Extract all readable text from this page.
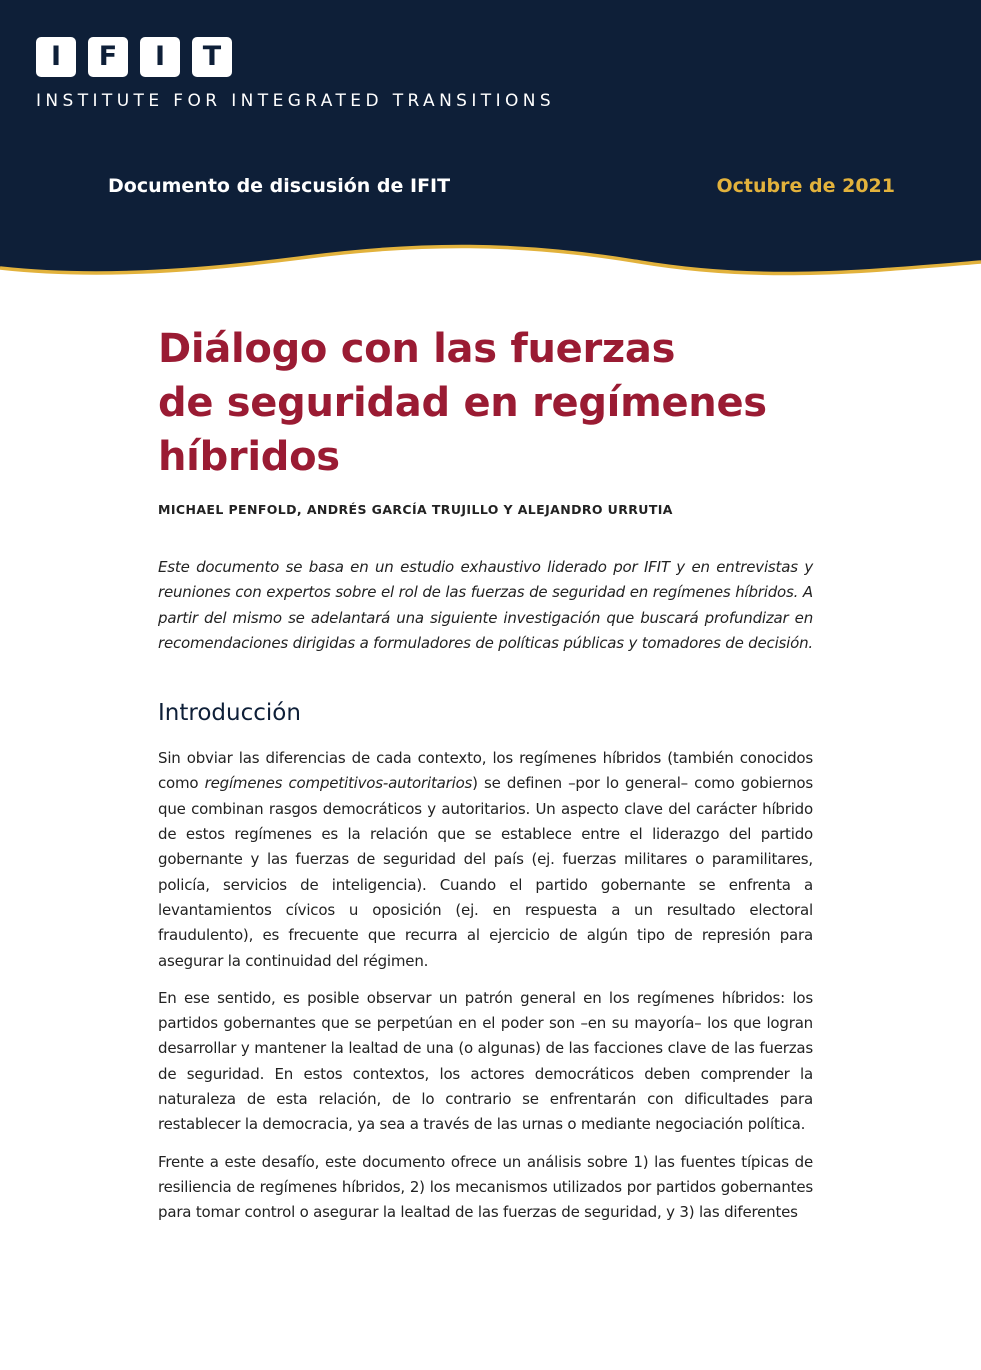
I	F	I	T
INSTITUTE FOR INTEGRATED TRANSITIONS
Documento de discusión de IFIT	Octubre de 2021
Diálogo con las fuerzas
de seguridad en regímenes
híbridos
MICHAEL PENFOLD, ANDRÉS GARCÍA TRUJILLO Y ALEJANDRO URRUTIA

Este documento se basa en un estudio exhaustivo liderado por IFIT y en entrevistas y reuniones con expertos sobre el rol de las fuerzas de seguridad en regímenes híbridos. A partir del mismo se adelantará una siguiente investigación que buscará profundizar en recomendaciones dirigidas a formuladores de políticas públicas y tomadores de decisión.

Introducción

Sin obviar las diferencias de cada contexto, los regímenes híbridos (también conocidos como regímenes competitivos-autoritarios) se definen –por lo general– como gobiernos que combinan rasgos democráticos y autoritarios. Un aspecto clave del carácter híbrido de estos regímenes es la relación que se establece entre el liderazgo del partido gobernante y las fuerzas de seguridad del país (ej. fuerzas militares o paramilitares, policía, servicios de inteligencia). Cuando el partido gobernante se enfrenta a levantamientos cívicos u oposición (ej. en respuesta a un resultado electoral fraudulento), es frecuente que recurra al ejercicio de algún tipo de represión para asegurar la continuidad del régimen.

En ese sentido, es posible observar un patrón general en los regímenes híbridos: los partidos gobernantes que se perpetúan en el poder son –en su mayoría– los que logran desarrollar y mantener la lealtad de una (o algunas) de las facciones clave de las fuerzas de seguridad. En estos contextos, los actores democráticos deben comprender la naturaleza de esta relación, de lo contrario se enfrentarán con dificultades para restablecer la democracia, ya sea a través de las urnas o mediante negociación política.

Frente a este desafío, este documento ofrece un análisis sobre 1) las fuentes típicas de resiliencia de regímenes híbridos, 2) los mecanismos utilizados por partidos gobernantes para tomar control o asegurar la lealtad de las fuerzas de seguridad, y 3) las diferentes
